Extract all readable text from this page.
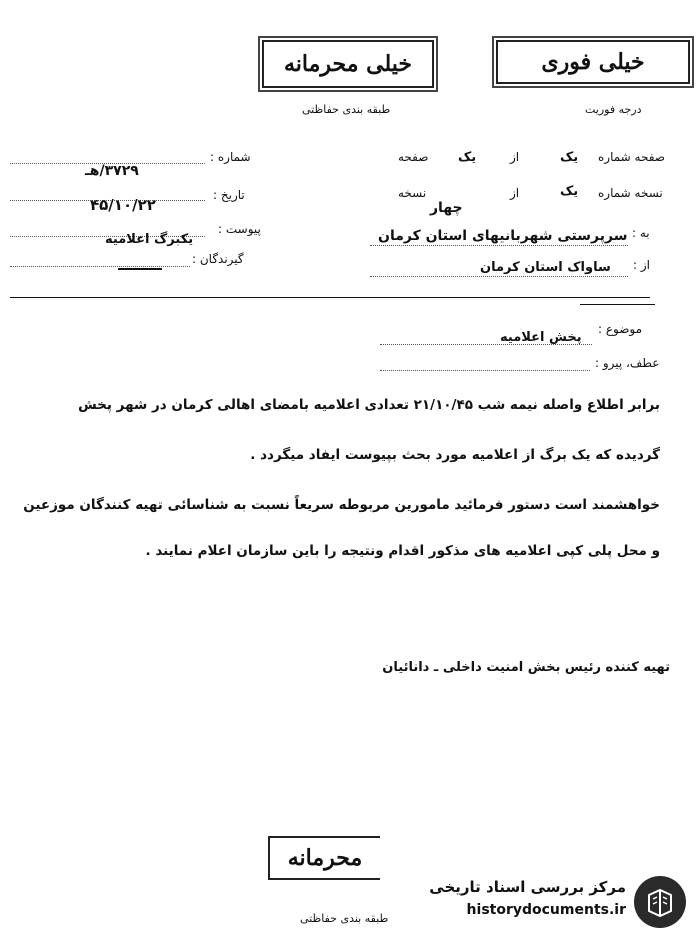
خیلی محرمانه
طبقه بندی حفاظتی
خیلی فوری
درجه فوریت
شماره :
۳۷۲۹/هـ
تاریخ :
۴۵/۱۰/۲۲
پیوست :
یکبرگ اعلامیه
گیرندگان :
صفحه شماره
یک
از
یک
صفحه
نسخه شماره
یک
از
چهار
نسخه
به :
سرپرستی شهربانیهای استان کرمان
از :
ساواک استان کرمان
موضوع :
پخش اعلامیه
عطف، پیرو :
برابر اطلاع واصله نیمه شب ۲۱/۱۰/۴۵ تعدادی اعلامیه بامضای اهالی کرمان در شهر پخش
گردیده که یک برگ از اعلامیه مورد بحث بپیوست ایفاد میگردد .
خواهشمند است دستور فرمائید مامورین مربوطه سریعاً نسبت به شناسائی تهیه کنندگان موزعین
و محل پلی کپی اعلامیه های مذکور اقدام ونتیجه را باین سازمان اعلام نمایند .
تهیه کننده رئیس بخش امنیت داخلی ـ دانائیان
محرمانه
طبقه بندی حفاظتی
مرکز بررسی اسناد تاریخی
historydocuments.ir
